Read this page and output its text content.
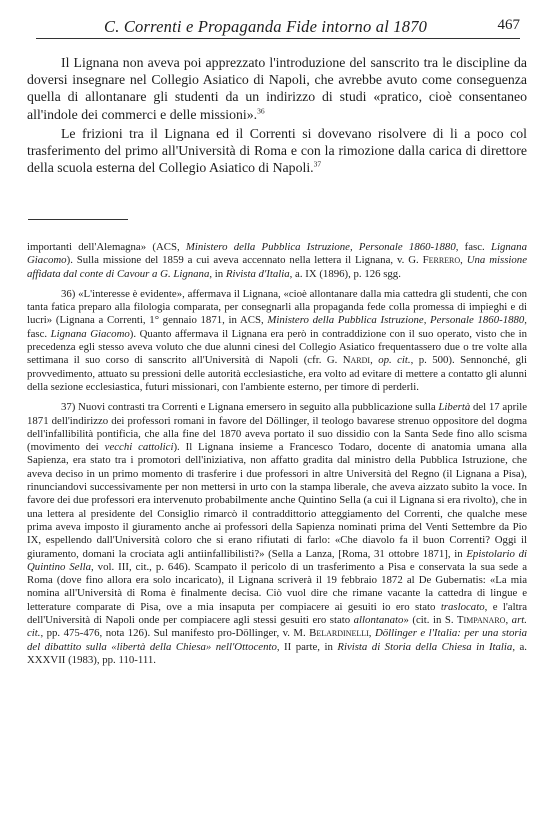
C. Correnti e Propaganda Fide intorno al 1870	467

Il Lignana non aveva poi apprezzato l'introduzione del sanscrito tra le discipline da doversi insegnare nel Collegio Asiatico di Napoli, che avrebbe avuto come conseguenza quella di allontanare gli studenti da un indirizzo di studi «pratico, cioè consentaneo all'indole dei commerci e delle missioni».$^{36}$

Le frizioni tra il Lignana ed il Correnti si dovevano risolvere di li a poco col trasferimento del primo all'Università di Roma e con la rimozione dalla carica di direttore della scuola esterna del Collegio Asiatico di Napoli.$^{37}$

importanti dell'Alemagna» (ACS, Ministero della Pubblica Istruzione, Personale 1860-1880, fasc. Lignana Giacomo). Sulla missione del 1859 a cui aveva accennato nella lettera il Lignana, v. G. Ferrero, Una missione affidata dal conte di Cavour a G. Lignana, in Rivista d'Italia, a. IX (1896), p. 126 sgg.

36) «L'interesse è evidente», affermava il Lignana, «cioè allontanare dalla mia cattedra gli studenti, che con tanta fatica preparo alla filologia comparata, per consegnarli alla propaganda fede colla promessa di impieghi e di lucri» (Lignana a Correnti, 1° gennaio 1871, in ACS, Ministero della Pubblica Istruzione, Personale 1860-1880, fasc. Lignana Giacomo). Quanto affermava il Lignana era però in contraddizione con il suo operato, visto che in precedenza egli stesso aveva voluto che due alunni cinesi del Collegio Asiatico frequentassero due o tre volte alla settimana il suo corso di sanscrito all'Università di Napoli (cfr. G. Nardi, op. cit., p. 500). Sennonché, gli provvedimento, attuato su pressioni delle autorità ecclesiastiche, era volto ad evitare di mettere a contatto gli alunni della sezione ecclesiastica, futuri missionari, con l'ambiente esterno, per timore di perderli.

37) Nuovi contrasti tra Correnti e Lignana emersero in seguito alla pubblicazione sulla Libertà del 17 aprile 1871 dell'indirizzo dei professori romani in favore del Döllinger, il teologo bavarese strenuo oppositore del dogma dell'infallibilità pontificia, che alla fine del 1870 aveva portato il suo dissidio con la Santa Sede fino allo scisma (movimento dei vecchi cattolici). Il Lignana insieme a Francesco Todaro, docente di anatomia umana alla Sapienza, era stato tra i promotori dell'iniziativa, non affatto gradita dal ministro della Pubblica Istruzione, che aveva deciso in un primo momento di trasferire i due professori in altre Università del Regno (il Lignana a Pisa), rinunciandovi successivamente per non mettersi in urto con la stampa liberale, che aveva aizzato subito la voce. In favore dei due professori era intervenuto probabilmente anche Quintino Sella (a cui il Lignana si era rivolto), che in una lettera al presidente del Consiglio rimarcò il contraddittorio atteggiamento del Correnti, che qualche mese prima aveva imposto il giuramento anche ai professori della Sapienza nominati prima del Venti Settembre da Pio IX, espellendo dall'Università coloro che si erano rifiutati di farlo: «Che diavolo fa il buon Correnti? Oggi il giuramento, domani la crociata agli antiinfallibilisti?» (Sella a Lanza, [Roma, 31 ottobre 1871], in Epistolario di Quintino Sella, vol. III, cit., p. 646). Scampato il pericolo di un trasferimento a Pisa e conservata la sua sede a Roma (dove fino allora era solo incaricato), il Lignana scriverà il 19 febbraio 1872 al De Gubernatis: «La mia nomina all'Università di Roma è finalmente decisa. Ciò vuol dire che rimane vacante la cattedra di lingue e letterature comparate di Pisa, ove a mia insaputa per compiacere ai gesuiti io ero stato traslocato, e l'altra dell'Università di Napoli onde per compiacere agli stessi gesuiti ero stato allontanato» (cit. in S. Timpanaro, art. cit., pp. 475-476, nota 126). Sul manifesto pro-Döllinger, v. M. Belardinelli, Döllinger e l'Italia: per una storia del dibattito sulla «libertà della Chiesa» nell'Ottocento, II parte, in Rivista di Storia della Chiesa in Italia, a. XXXVII (1983), pp. 110-111.
